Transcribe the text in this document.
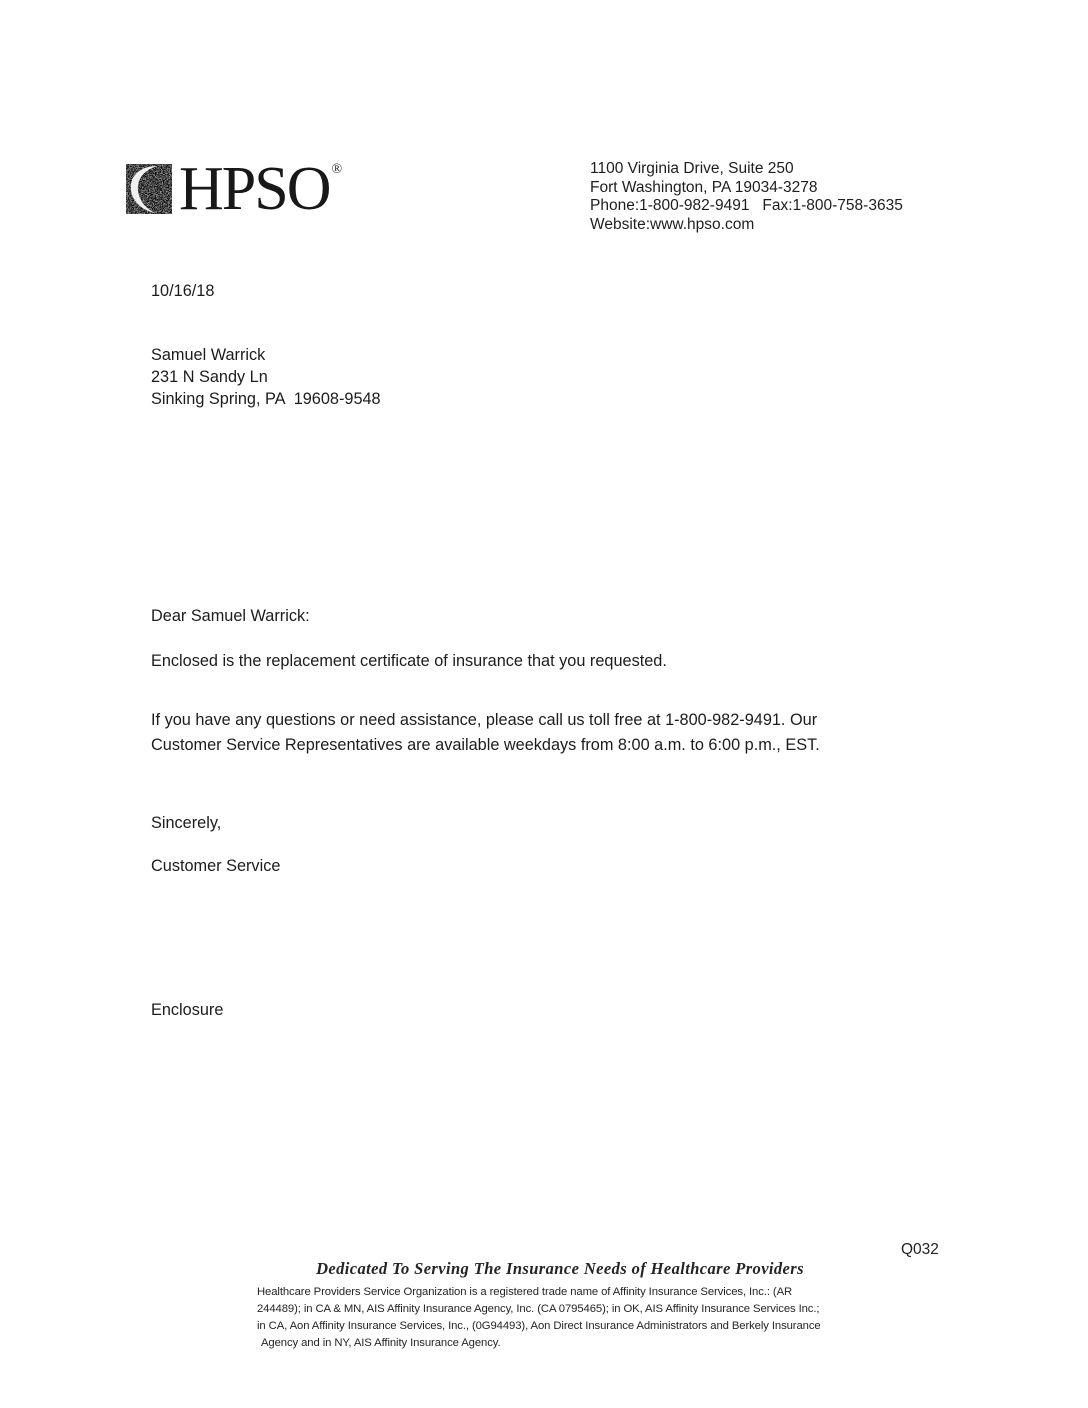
HPSO ®	1100 Virginia Drive, Suite 250
Fort Washington, PA 19034-3278
Phone:1-800-982-9491   Fax:1-800-758-3635
Website:www.hpso.com
10/16/18
Samuel Warrick
231 N Sandy Ln
Sinking Spring, PA  19608-9548
Dear Samuel Warrick:
Enclosed is the replacement certificate of insurance that you requested.
If you have any questions or need assistance, please call us toll free at 1-800-982-9491. Our
Customer Service Representatives are available weekdays from 8:00 a.m. to 6:00 p.m., EST.
Sincerely,
Customer Service
Enclosure
Q032
Dedicated To Serving The Insurance Needs of Healthcare Providers
Healthcare Providers Service Organization is a registered trade name of Affinity Insurance Services, Inc.: (AR
244489); in CA & MN, AIS Affinity Insurance Agency, Inc. (CA 0795465); in OK, AIS Affinity Insurance Services Inc.;
in CA, Aon Affinity Insurance Services, Inc., (0G94493), Aon Direct Insurance Administrators and Berkely Insurance
Agency and in NY, AIS Affinity Insurance Agency.
